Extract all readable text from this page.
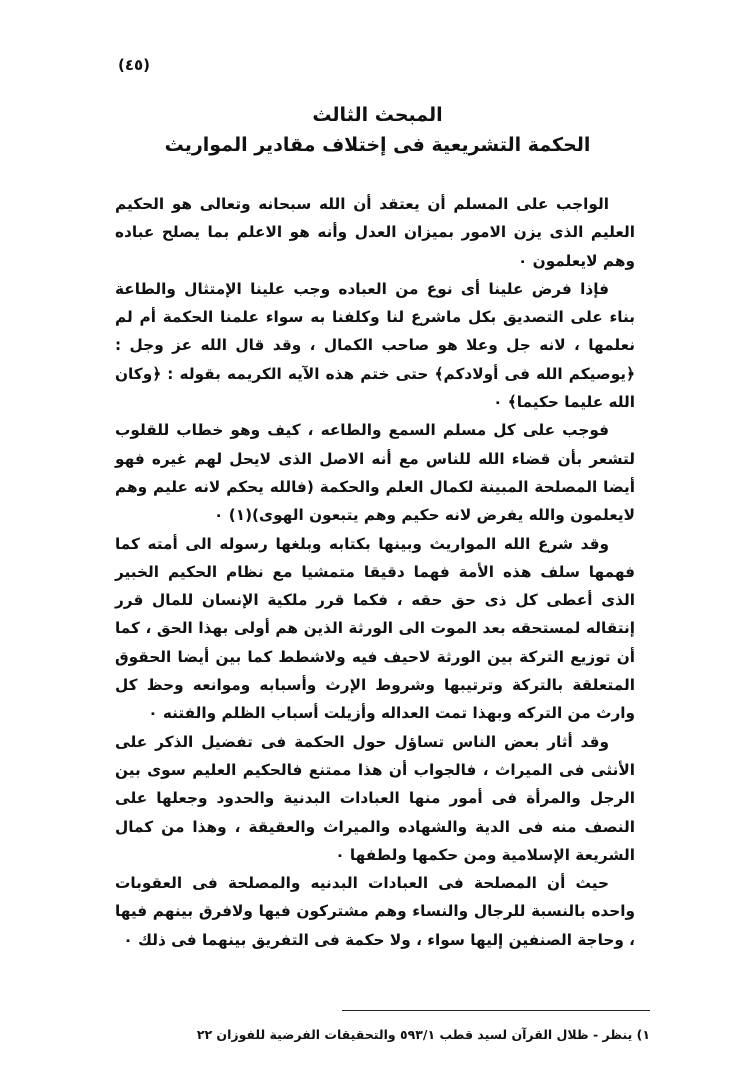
(٤٥)
المبحث الثالث
الحكمة التشريعية فى إختلاف مقادير المواريث

الواجب على المسلم أن يعتقد أن الله سبحانه وتعالى هو الحكيم العليم الذى يزن الامور بميزان العدل وأنه هو الاعلم بما يصلح عباده وهم لايعلمون ٠

فإذا فرض علينا أى نوع من العباده وجب علينا الإمتثال والطاعة بناء على التصديق بكل ماشرع لنا وكلفنا به سواء علمنا الحكمة أم لم نعلمها ، لانه جل وعلا هو صاحب الكمال ، وقد قال الله عز وجل : ﴿يوصيكم الله فى أولادكم﴾ حتى ختم هذه الآيه الكريمه بقوله : ﴿وكان الله عليما حكيما﴾ ٠

فوجب على كل مسلم السمع والطاعه ، كيف وهو خطاب للقلوب لتشعر بأن قضاء الله للناس مع أنه الاصل الذى لايحل لهم غيره فهو أيضا المصلحة المبينة لكمال العلم والحكمة (فالله يحكم لانه عليم وهم لايعلمون والله يفرض لانه حكيم وهم يتبعون الهوى)(١) ٠

وقد شرع الله المواريث وبينها بكتابه وبلغها رسوله الى أمته كما فهمها سلف هذه الأمة فهما دقيقا متمشيا مع نظام الحكيم الخبير الذى أعطى كل ذى حق حقه ، فكما قرر ملكية الإنسان للمال قرر إنتقاله لمستحقه بعد الموت الى الورثة الذين هم أولى بهذا الحق ، كما أن توزيع التركة بين الورثة لاحيف فيه ولاشطط كما بين أيضا الحقوق المتعلقة بالتركة وترتيبها وشروط الإرث وأسبابه وموانعه وحظ كل وارث من التركه وبهذا تمت العداله وأزيلت أسباب الظلم والفتنه ٠

وقد أثار بعض الناس تساؤل حول الحكمة فى تفضيل الذكر على الأنثى فى الميراث ، فالجواب أن هذا ممتنع فالحكيم العليم سوى بين الرجل والمرأة فى أمور منها العبادات البدنية والحدود وجعلها على النصف منه فى الدية والشهاده والميراث والعقيقة ، وهذا من كمال الشريعة الإسلامية ومن حكمها ولطفها ٠

حيث أن المصلحة فى العبادات البدنيه والمصلحة فى العقوبات واحده بالنسبة للرجال والنساء وهم مشتركون فيها ولافرق بينهم فيها ، وحاجة الصنفين إليها سواء ، ولا حكمة فى التفريق بينهما فى ذلك ٠

١) ينظر - ظلال القرآن لسيد قطب ٥٩٣/١ والتحقيقات الفرضية للفوزان ٢٢
